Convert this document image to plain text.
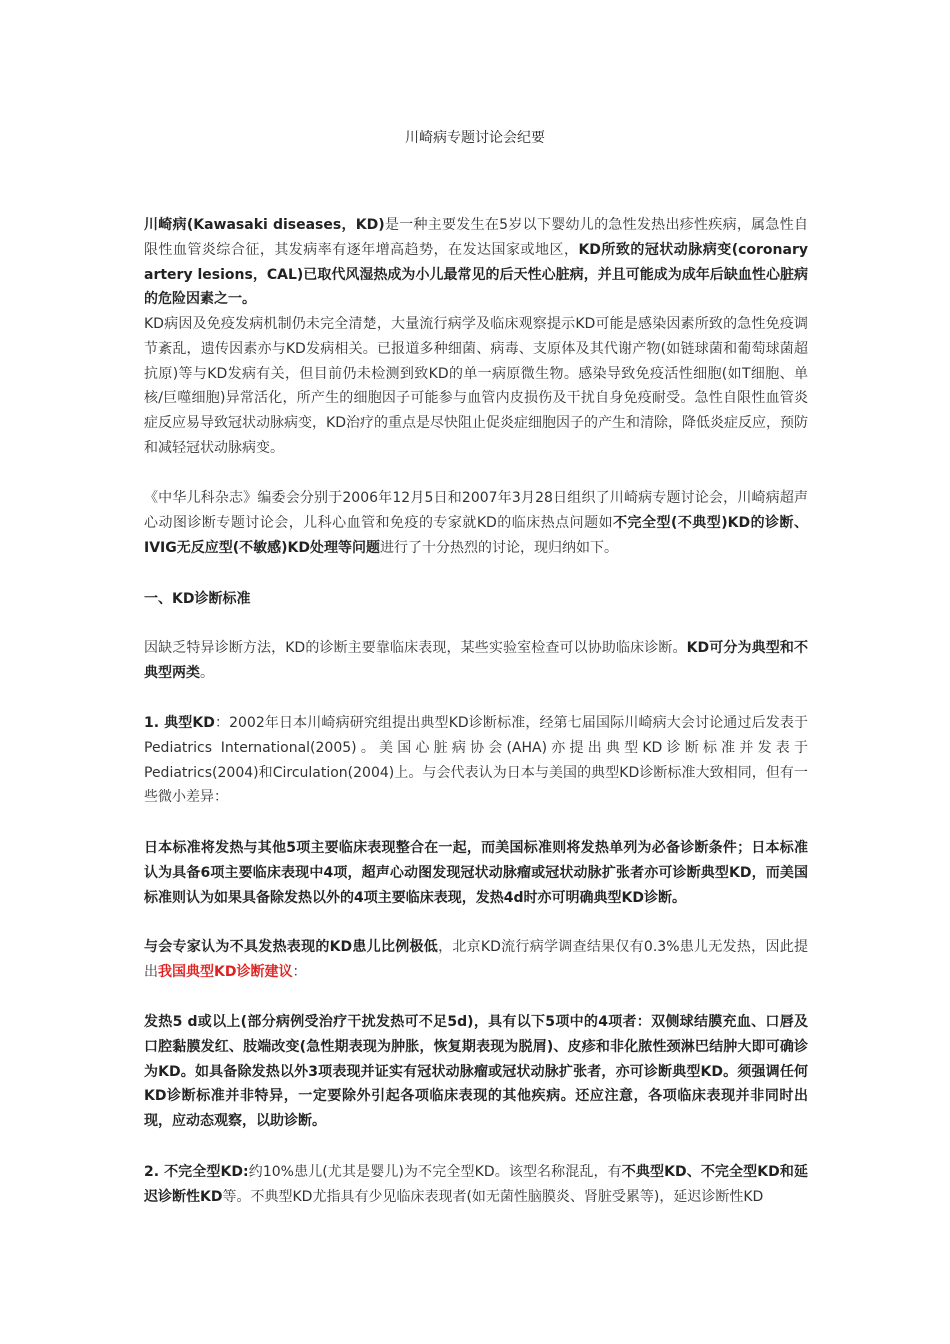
川崎病专题讨论会纪要
川崎病(Kawasaki diseases，KD)是一种主要发生在5岁以下婴幼儿的急性发热出疹性疾病，属急性自限性血管炎综合征，其发病率有逐年增高趋势，在发达国家或地区，KD所致的冠状动脉病变(coronary artery lesions，CAL)已取代风湿热成为小儿最常见的后天性心脏病，并且可能成为成年后缺血性心脏病的危险因素之一。
KD病因及免疫发病机制仍未完全清楚，大量流行病学及临床观察提示KD可能是感染因素所致的急性免疫调节紊乱，遗传因素亦与KD发病相关。已报道多种细菌、病毒、支原体及其代谢产物(如链球菌和葡萄球菌超抗原)等与KD发病有关，但目前仍未检测到致KD的单一病原微生物。感染导致免疫活性细胞(如T细胞、单核/巨噬细胞)异常活化，所产生的细胞因子可能参与血管内皮损伤及干扰自身免疫耐受。急性自限性血管炎症反应易导致冠状动脉病变，KD治疗的重点是尽快阻止促炎症细胞因子的产生和清除，降低炎症反应，预防和减轻冠状动脉病变。
《中华儿科杂志》编委会分别于2006年12月5日和2007年3月28日组织了川崎病专题讨论会，川崎病超声心动图诊断专题讨论会，儿科心血管和免疫的专家就KD的临床热点问题如不完全型(不典型)KD的诊断、IVIG无反应型(不敏感)KD处理等问题进行了十分热烈的讨论，现归纳如下。
一、KD诊断标准
因缺乏特异诊断方法，KD的诊断主要靠临床表现，某些实验室检查可以协助临床诊断。KD可分为典型和不典型两类。
1. 典型KD：2002年日本川崎病研究组提出典型KD诊断标准，经第七届国际川崎病大会讨论通过后发表于Pediatrics International(2005)。美国心脏病协会(AHA)亦提出典型KD诊断标准并发表于Pediatrics(2004)和Circulation(2004)上。与会代表认为日本与美国的典型KD诊断标准大致相同，但有一些微小差异：
日本标准将发热与其他5项主要临床表现整合在一起，而美国标准则将发热单列为必备诊断条件；日本标准认为具备6项主要临床表现中4项，超声心动图发现冠状动脉瘤或冠状动脉扩张者亦可诊断典型KD，而美国标准则认为如果具备除发热以外的4项主要临床表现，发热4d时亦可明确典型KD诊断。
与会专家认为不具发热表现的KD患儿比例极低，北京KD流行病学调查结果仅有0.3%患儿无发热，因此提出我国典型KD诊断建议：
发热5 d或以上(部分病例受治疗干扰发热可不足5d)，具有以下5项中的4项者：双侧球结膜充血、口唇及口腔黏膜发红、肢端改变(急性期表现为肿胀，恢复期表现为脱屑)、皮疹和非化脓性颈淋巴结肿大即可确诊为KD。如具备除发热以外3项表现并证实有冠状动脉瘤或冠状动脉扩张者，亦可诊断典型KD。须强调任何KD诊断标准并非特异，一定要除外引起各项临床表现的其他疾病。还应注意，各项临床表现并非同时出现，应动态观察，以助诊断。
2. 不完全型KD:约10%患儿(尤其是婴儿)为不完全型KD。该型名称混乱，有不典型KD、不完全型KD和延迟诊断性KD等。不典型KD尤指具有少见临床表现者(如无菌性脑膜炎、肾脏受累等)，延迟诊断性KD
